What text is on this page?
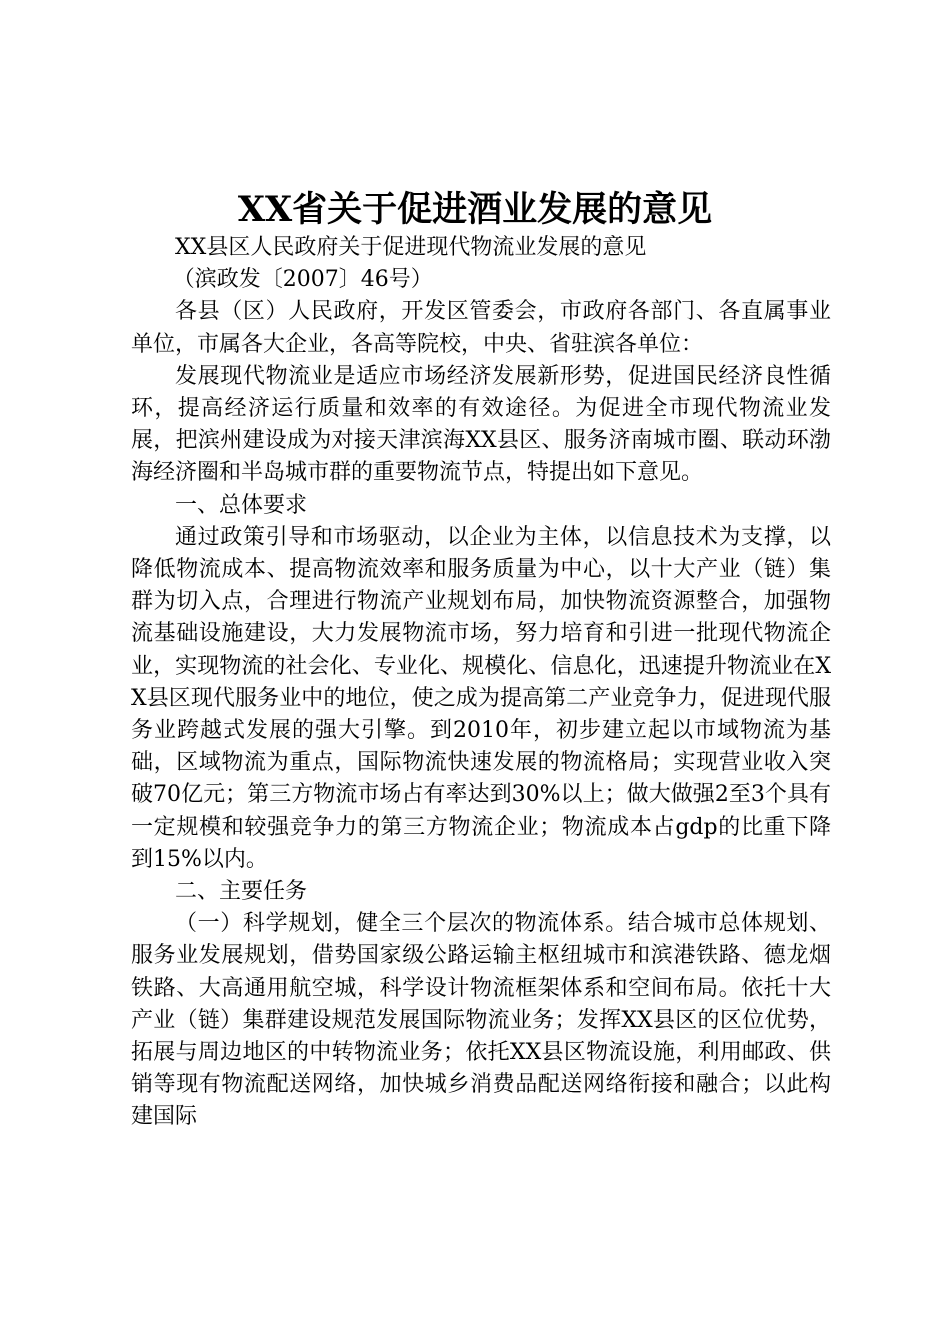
XX省关于促进酒业发展的意见

XX县区人民政府关于促进现代物流业发展的意见

（滨政发〔2007〕46号）

各县（区）人民政府，开发区管委会，市政府各部门、各直属事业单位，市属各大企业，各高等院校，中央、省驻滨各单位：

发展现代物流业是适应市场经济发展新形势，促进国民经济良性循环，提高经济运行质量和效率的有效途径。为促进全市现代物流业发展，把滨州建设成为对接天津滨海XX县区、服务济南城市圈、联动环渤海经济圈和半岛城市群的重要物流节点，特提出如下意见。

一、总体要求

通过政策引导和市场驱动，以企业为主体，以信息技术为支撑，以降低物流成本、提高物流效率和服务质量为中心，以十大产业（链）集群为切入点，合理进行物流产业规划布局，加快物流资源整合，加强物流基础设施建设，大力发展物流市场，努力培育和引进一批现代物流企业，实现物流的社会化、专业化、规模化、信息化，迅速提升物流业在XX县区现代服务业中的地位，使之成为提高第二产业竞争力，促进现代服务业跨越式发展的强大引擎。到2010年，初步建立起以市域物流为基础，区域物流为重点，国际物流快速发展的物流格局；实现营业收入突破70亿元；第三方物流市场占有率达到30%以上；做大做强2至3个具有一定规模和较强竞争力的第三方物流企业；物流成本占gdp的比重下降到15%以内。

二、主要任务

（一）科学规划，健全三个层次的物流体系。结合城市总体规划、服务业发展规划，借势国家级公路运输主枢纽城市和滨港铁路、德龙烟铁路、大高通用航空城，科学设计物流框架体系和空间布局。依托十大产业（链）集群建设规范发展国际物流业务；发挥XX县区的区位优势，拓展与周边地区的中转物流业务；依托XX县区物流设施，利用邮政、供销等现有物流配送网络，加快城乡消费品配送网络衔接和融合；以此构建国际
